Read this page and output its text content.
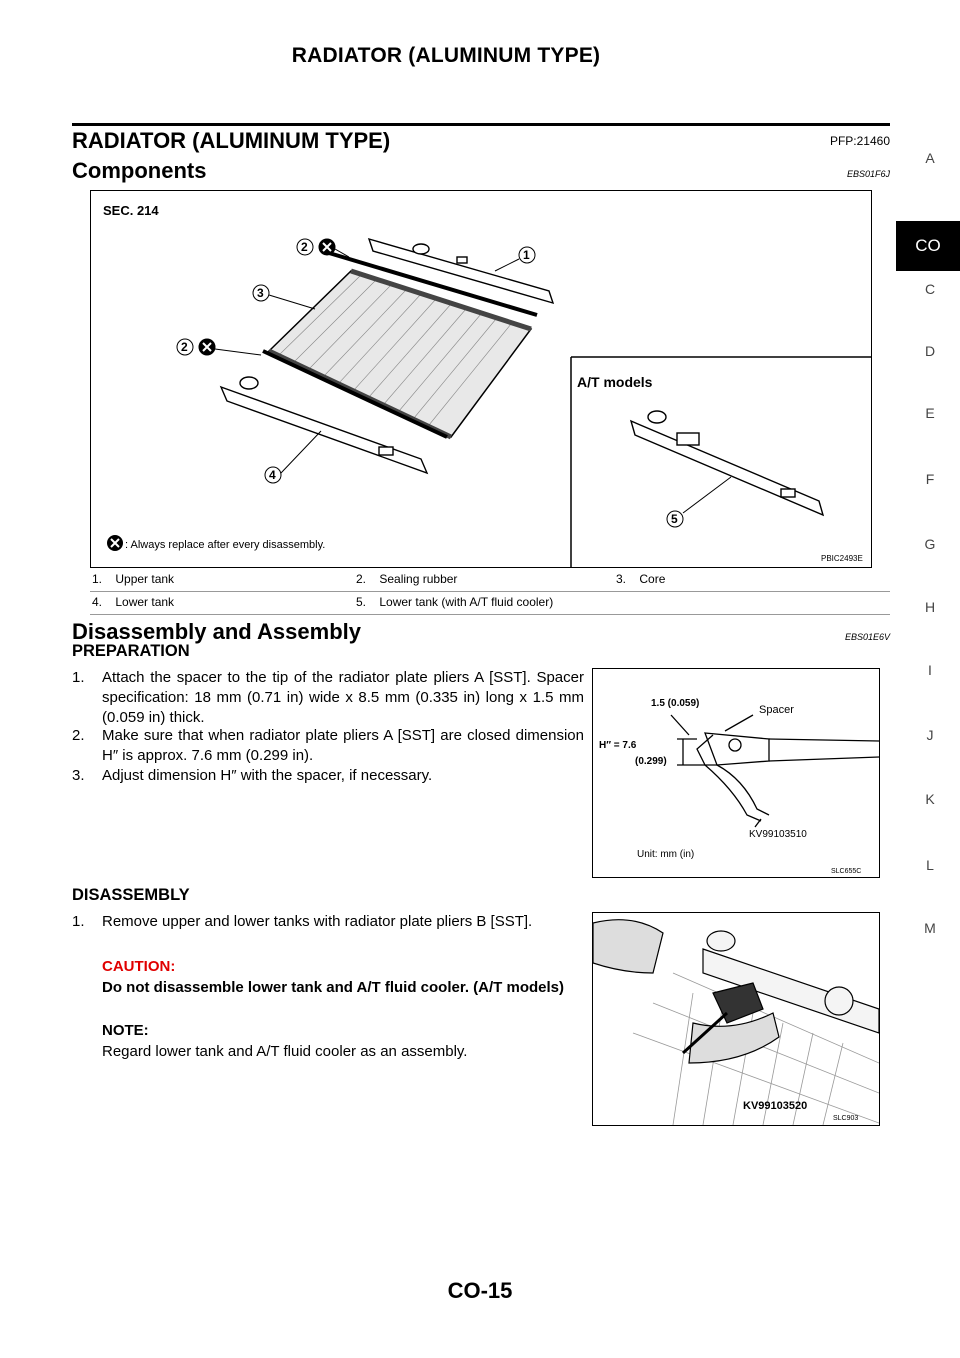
RADIATOR (ALUMINUM TYPE)
RADIATOR (ALUMINUM TYPE)	PFP:21460
Components	EBS01F6J
SEC. 214
1
2
3
2
4
A/T models
5
PBIC2493E
: Always replace after every disassembly.
1. Upper tank	2. Sealing rubber	3. Core
4. Lower tank	5. Lower tank (with A/T fluid cooler)
Disassembly and Assembly	EBS01E6V
PREPARATION
1. Attach the spacer to the tip of the radiator plate pliers A [SST]. Spacer specification: 18 mm (0.71 in) wide x 8.5 mm (0.335 in) long x 1.5 mm (0.059 in) thick.
2. Make sure that when radiator plate pliers A [SST] are closed dimension H″ is approx. 7.6 mm (0.299 in).
3. Adjust dimension H″ with the spacer, if necessary.
1.5 (0.059)
Spacer
H″ = 7.6
(0.299)
KV99103510
Unit: mm (in)
SLC655C
DISASSEMBLY
1. Remove upper and lower tanks with radiator plate pliers B [SST].
CAUTION:
Do not disassemble lower tank and A/T fluid cooler. (A/T models)
NOTE:
Regard lower tank and A/T fluid cooler as an assembly.
KV99103520
SLC903
A
CO
C
D
E
F
G
H
I
J
K
L
M
CO-15
